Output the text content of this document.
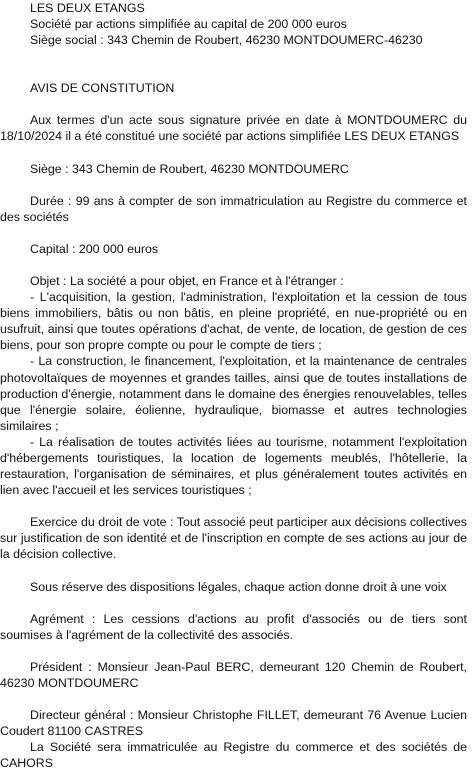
LES DEUX ETANGS

Société par actions simplifiée au capital de 200 000 euros

Siège social : 343 Chemin de Roubert, 46230 MONTDOUMERC-46230

AVIS DE CONSTITUTION

Aux termes d'un acte sous signature privée en date à MONTDOUMERC du 18/10/2024 il a été constitué une société par actions simplifiée LES DEUX ETANGS

Siège : 343 Chemin de Roubert, 46230 MONTDOUMERC

Durée : 99 ans à compter de son immatriculation au Registre du commerce et des sociétés

Capital : 200 000 euros

Objet : La société a pour objet, en France et à l'étranger :

- L'acquisition, la gestion, l'administration, l'exploitation et la cession de tous biens immobiliers, bâtis ou non bâtis, en pleine propriété, en nue-propriété ou en usufruit, ainsi que toutes opérations d'achat, de vente, de location, de gestion de ces biens, pour son propre compte ou pour le compte de tiers ;

- La construction, le financement, l'exploitation, et la maintenance de centrales photovoltaïques de moyennes et grandes tailles, ainsi que de toutes installations de production d'énergie, notamment dans le domaine des énergies renouvelables, telles que l'énergie solaire, éolienne, hydraulique, biomasse et autres technologies similaires ;

- La réalisation de toutes activités liées au tourisme, notamment l'exploitation d'hébergements touristiques, la location de logements meublés, l'hôtellerie, la restauration, l'organisation de séminaires, et plus généralement toutes activités en lien avec l'accueil et les services touristiques ;

Exercice du droit de vote : Tout associé peut participer aux décisions collectives sur justification de son identité et de l'inscription en compte de ses actions au jour de la décision collective.

Sous réserve des dispositions légales, chaque action donne droit à une voix

Agrément : Les cessions d'actions au profit d'associés ou de tiers sont soumises à l'agrément de la collectivité des associés.

Président : Monsieur Jean-Paul BERC, demeurant 120 Chemin de Roubert, 46230 MONTDOUMERC

Directeur général : Monsieur Christophe FILLET, demeurant 76 Avenue Lucien Coudert 81100 CASTRES

La Société sera immatriculée au Registre du commerce et des sociétés de CAHORS
